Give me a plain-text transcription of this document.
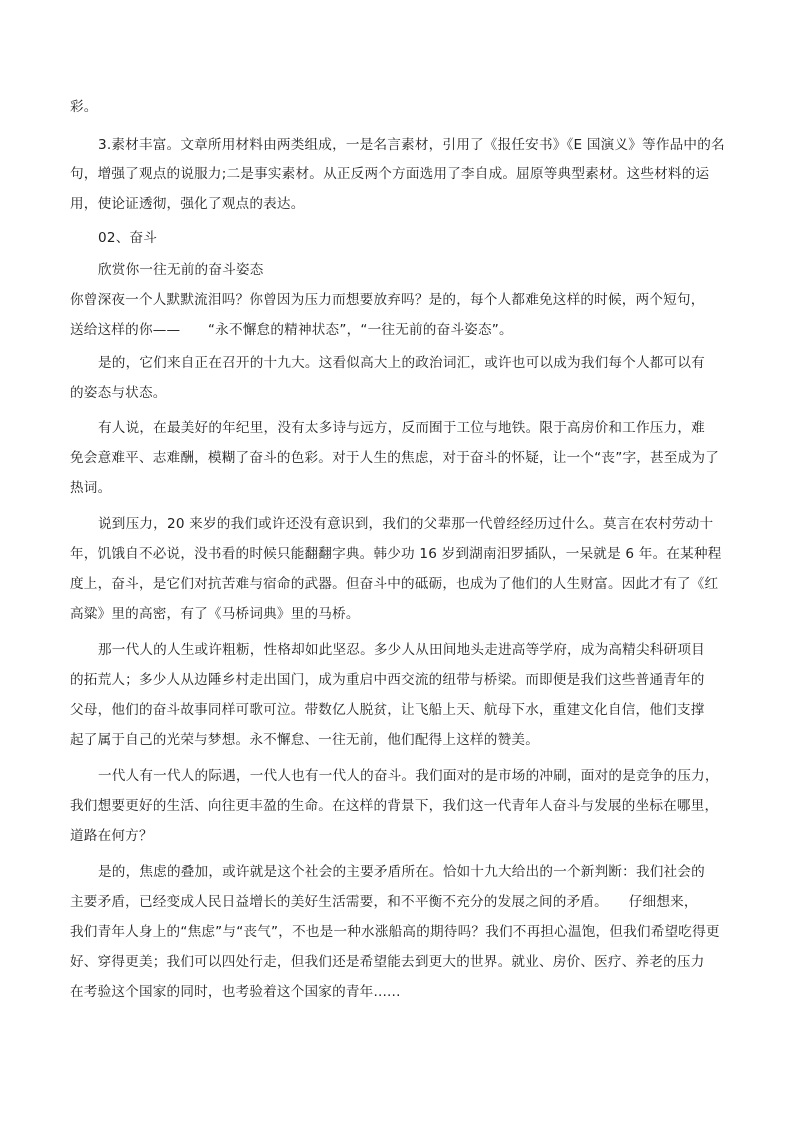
彩。
3.素材丰富。文章所用材料由两类组成，一是名言素材，引用了《报任安书》《E 国演义》等作品中的名
句，增强了观点的说服力;二是事实素材。从正反两个方面选用了李自成。屈原等典型素材。这些材料的运
用，使论证透彻，强化了观点的表达。
02、奋斗
欣赏你一往无前的奋斗姿态
你曾深夜一个人默默流泪吗？你曾因为压力而想要放弃吗？是的，每个人都难免这样的时候，两个短句，
送给这样的你——　　“永不懈怠的精神状态”，“一往无前的奋斗姿态”。
是的，它们来自正在召开的十九大。这看似高大上的政治词汇，或许也可以成为我们每个人都可以有
的姿态与状态。
有人说，在最美好的年纪里，没有太多诗与远方，反而囿于工位与地铁。限于高房价和工作压力，难
免会意难平、志难酬，模糊了奋斗的色彩。对于人生的焦虑，对于奋斗的怀疑，让一个“丧”字，甚至成为了
热词。
说到压力，20 来岁的我们或许还没有意识到，我们的父辈那一代曾经经历过什么。莫言在农村劳动十
年，饥饿自不必说，没书看的时候只能翻翻字典。韩少功 16 岁到湖南汨罗插队，一呆就是 6 年。在某种程
度上，奋斗，是它们对抗苦难与宿命的武器。但奋斗中的砥砺，也成为了他们的人生财富。因此才有了《红
高粱》里的高密，有了《马桥词典》里的马桥。
那一代人的人生或许粗粝，性格却如此坚忍。多少人从田间地头走进高等学府，成为高精尖科研项目
的拓荒人；多少人从边陲乡村走出国门，成为重启中西交流的纽带与桥梁。而即便是我们这些普通青年的
父母，他们的奋斗故事同样可歌可泣。带数亿人脱贫，让飞船上天、航母下水，重建文化自信，他们支撑
起了属于自己的光荣与梦想。永不懈怠、一往无前，他们配得上这样的赞美。
一代人有一代人的际遇，一代人也有一代人的奋斗。我们面对的是市场的冲刷，面对的是竞争的压力，
我们想要更好的生活、向往更丰盈的生命。在这样的背景下，我们这一代青年人奋斗与发展的坐标在哪里，
道路在何方？
是的，焦虑的叠加，或许就是这个社会的主要矛盾所在。恰如十九大给出的一个新判断：我们社会的
主要矛盾，已经变成人民日益增长的美好生活需要，和不平衡不充分的发展之间的矛盾。　　仔细想来，
我们青年人身上的“焦虑”与“丧气”，不也是一种水涨船高的期待吗？我们不再担心温饱，但我们希望吃得更
好、穿得更美；我们可以四处行走，但我们还是希望能去到更大的世界。就业、房价、医疗、养老的压力
在考验这个国家的同时，也考验着这个国家的青年......
